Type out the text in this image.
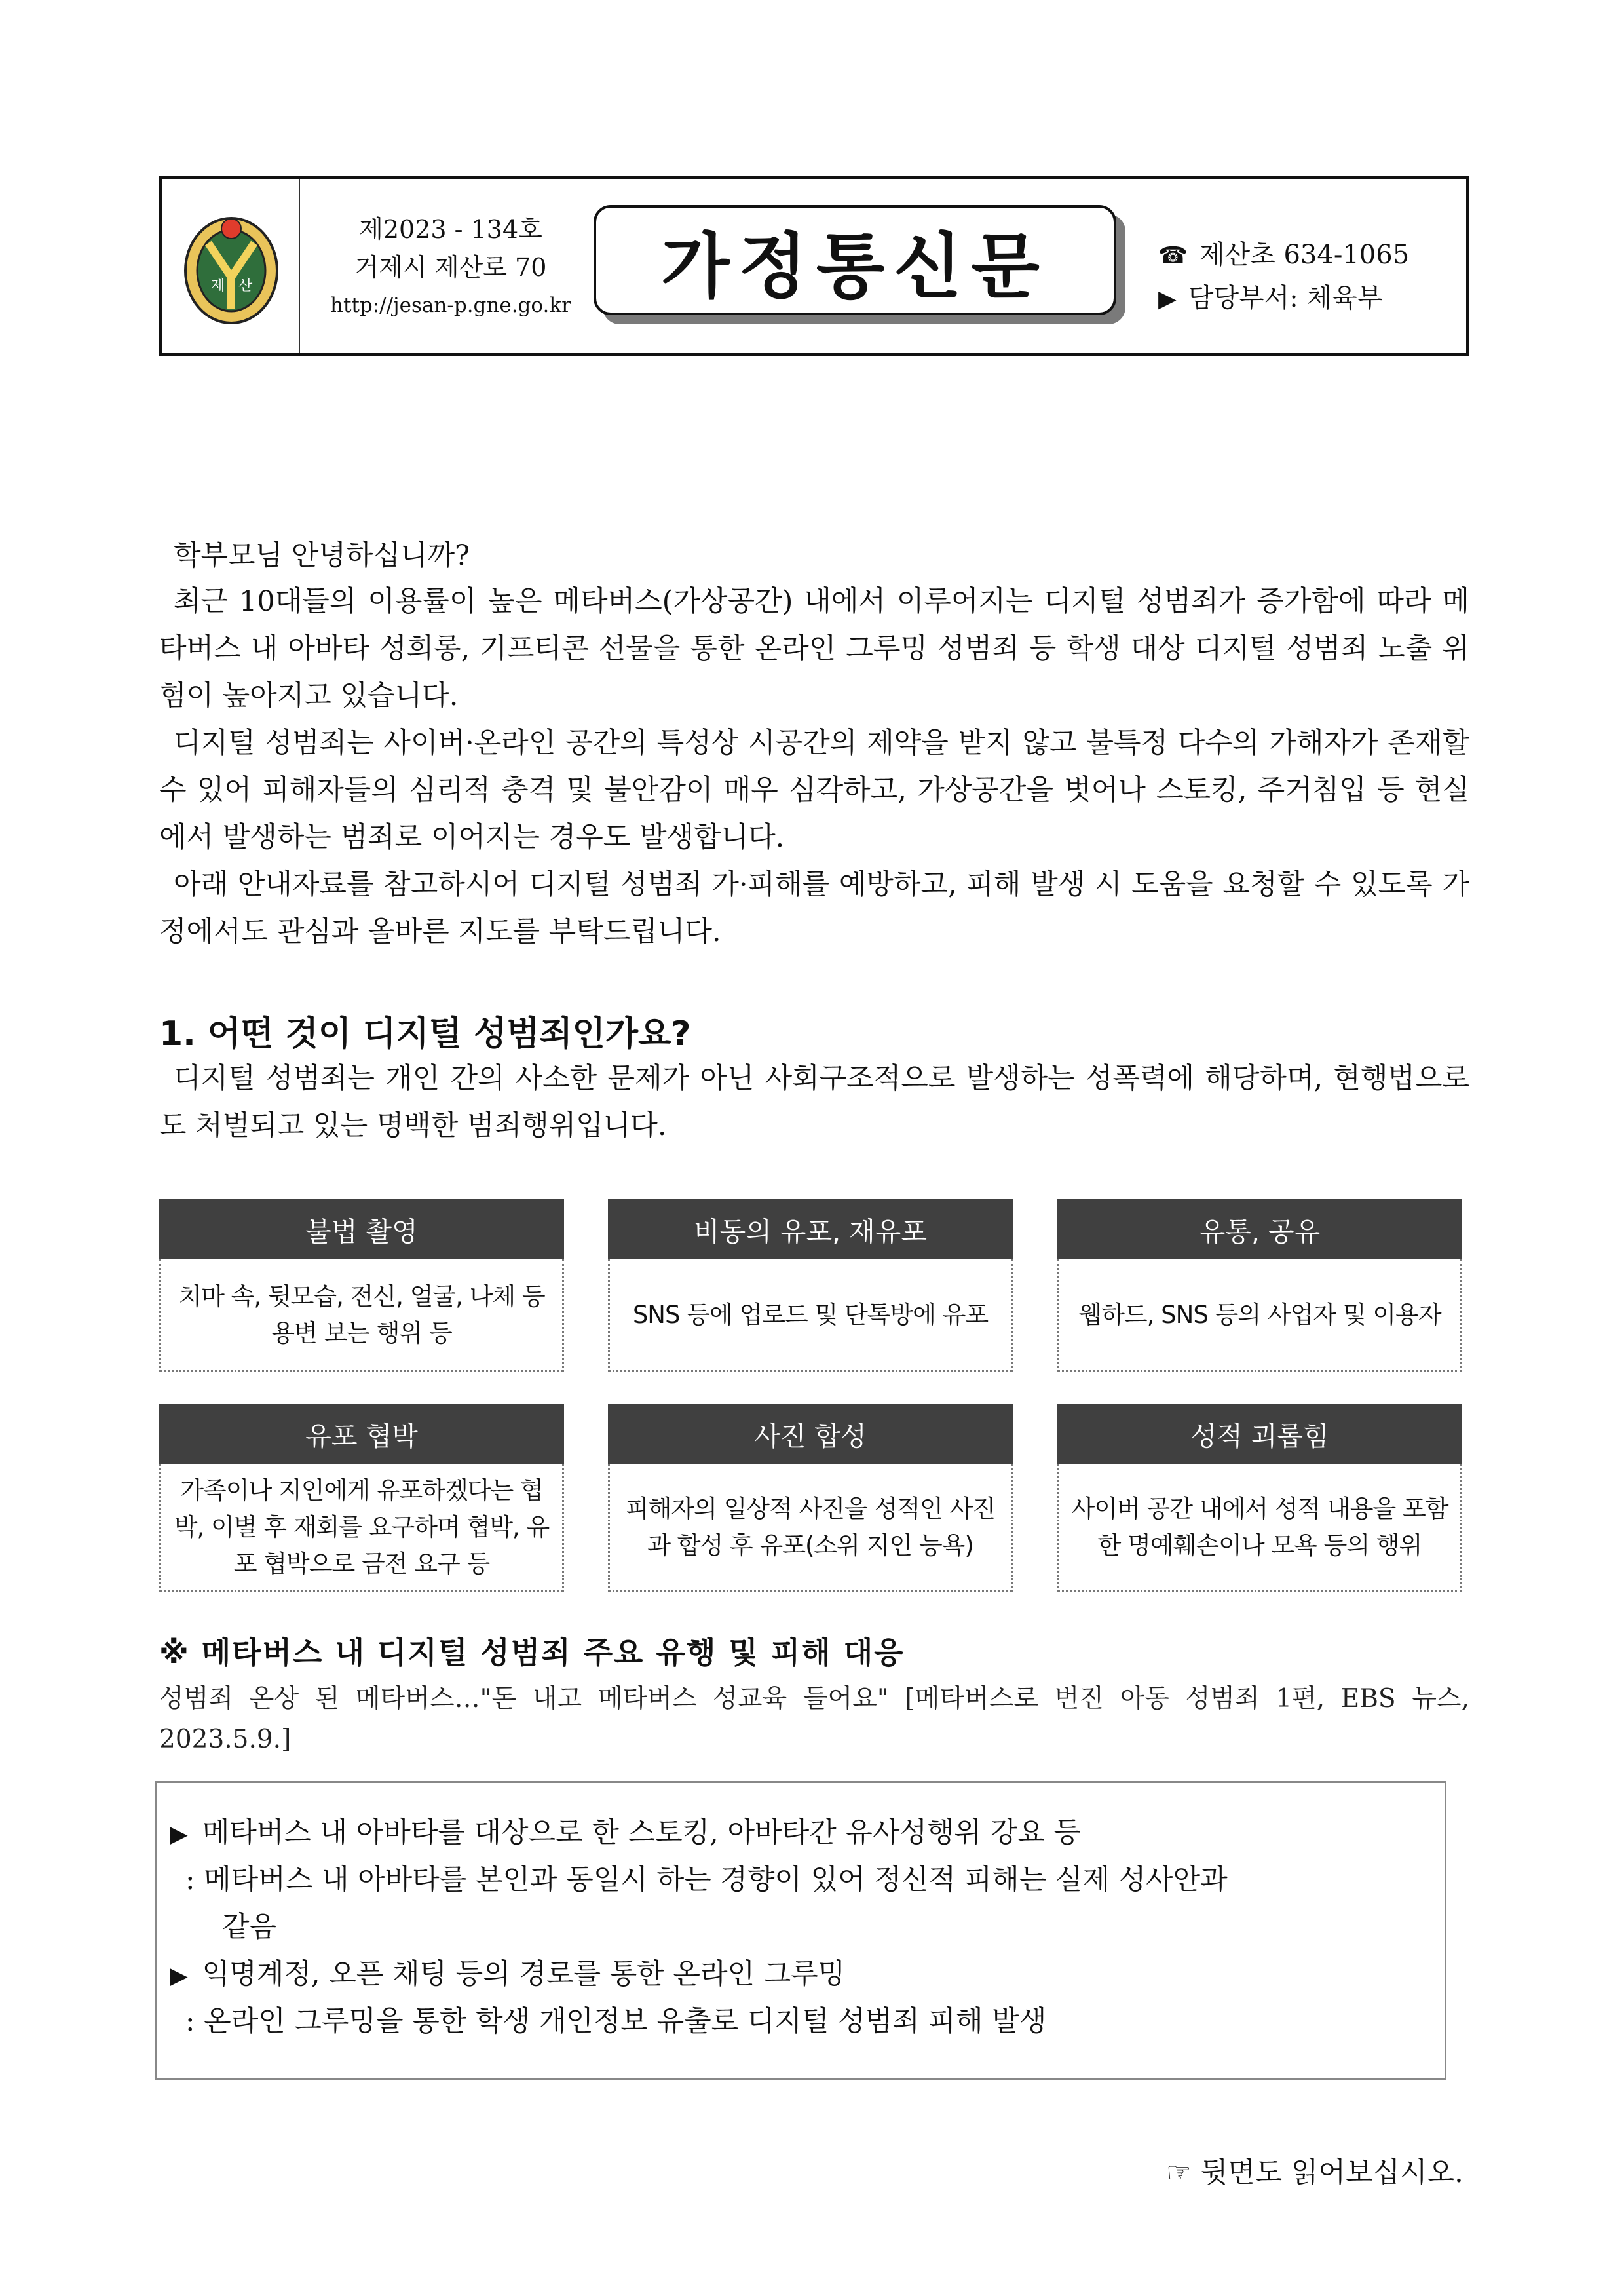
제 산
제2023 - 134호
거제시 제산로 70
http://jesan-p.gne.go.kr 가정통신문	☎ 제산초 634-1065
▶ 담당부서: 체육부

학부모님 안녕하십니까?

최근 10대들의 이용률이 높은 메타버스(가상공간) 내에서 이루어지는 디지털 성범죄가 증가함에 따라 메타버스 내 아바타 성희롱, 기프티콘 선물을 통한 온라인 그루밍 성범죄 등 학생 대상 디지털 성범죄 노출 위험이 높아지고 있습니다.

디지털 성범죄는 사이버·온라인 공간의 특성상 시공간의 제약을 받지 않고 불특정 다수의 가해자가 존재할 수 있어 피해자들의 심리적 충격 및 불안감이 매우 심각하고, 가상공간을 벗어나 스토킹, 주거침입 등 현실에서 발생하는 범죄로 이어지는 경우도 발생합니다.

아래 안내자료를 참고하시어 디지털 성범죄 가·피해를 예방하고, 피해 발생 시 도움을 요청할 수 있도록 가정에서도 관심과 올바른 지도를 부탁드립니다.

1. 어떤 것이 디지털 성범죄인가요?

디지털 성범죄는 개인 간의 사소한 문제가 아닌 사회구조적으로 발생하는 성폭력에 해당하며, 현행법으로도 처벌되고 있는 명백한 범죄행위입니다.

불법 촬영
치마 속, 뒷모습, 전신, 얼굴, 나체 등 용변 보는 행위 등
비동의 유포, 재유포
SNS 등에 업로드 및 단톡방에 유포
유통, 공유
웹하드, SNS 등의 사업자 및 이용자
유포 협박
가족이나 지인에게 유포하겠다는 협박, 이별 후 재회를 요구하며 협박, 유포 협박으로 금전 요구 등
사진 합성
피해자의 일상적 사진을 성적인 사진과 합성 후 유포(소위 지인 능욕)
성적 괴롭힘
사이버 공간 내에서 성적 내용을 포함한 명예훼손이나 모욕 등의 행위
※ 메타버스 내 디지털 성범죄 주요 유행 및 피해 대응
성범죄 온상 된 메타버스…"돈 내고 메타버스 성교육 들어요" [메타버스로 번진 아동 성범죄 1편, EBS 뉴스, 2023.5.9.]
▶ 메타버스 내 아바타를 대상으로 한 스토킹, 아바타간 유사성행위 강요 등
: 메타버스 내 아바타를 본인과 동일시 하는 경향이 있어 정신적 피해는 실제 성사안과
같음
▶ 익명계정, 오픈 채팅 등의 경로를 통한 온라인 그루밍
: 온라인 그루밍을 통한 학생 개인정보 유출로 디지털 성범죄 피해 발생
☞ 뒷면도 읽어보십시오.
